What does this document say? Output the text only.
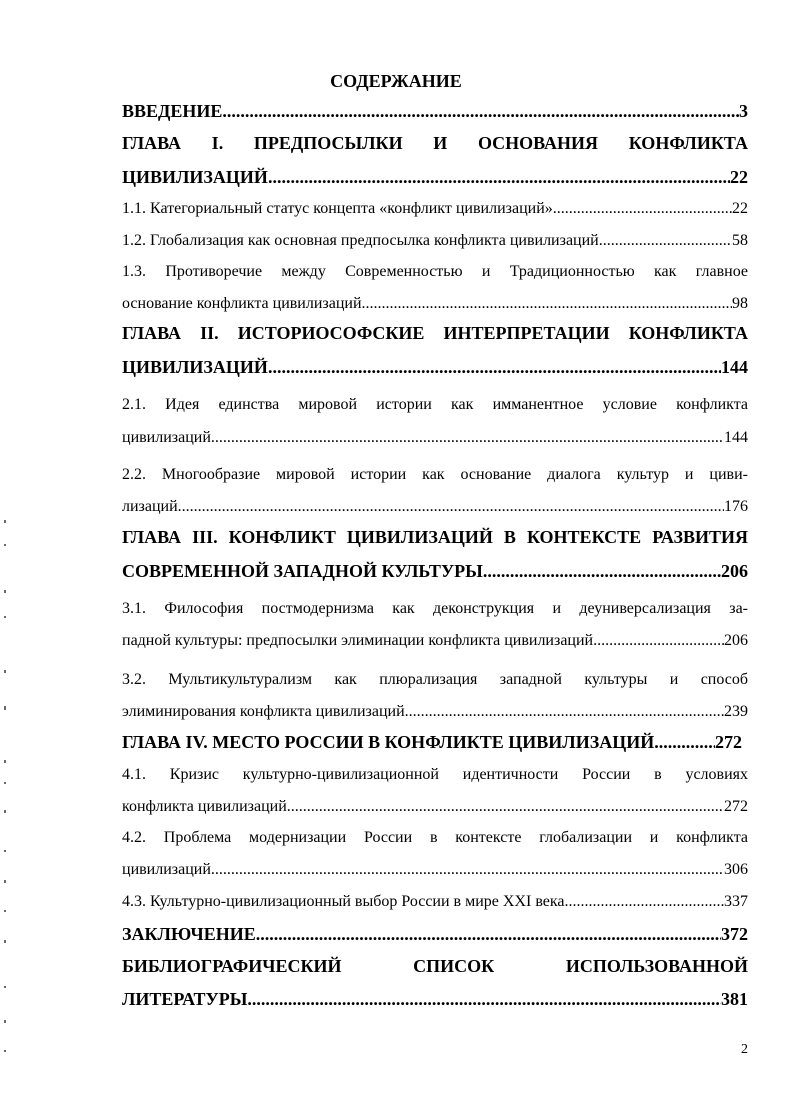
СОДЕРЖАНИЕ
ВВЕДЕНИЕ .....	3
ГЛАВА I. ПРЕДПОСЫЛКИ И ОСНОВАНИЯ КОНФЛИКТА
ЦИВИЛИЗАЦИЙ .....	22
1.1. Категориальный статус концепта «конфликт цивилизаций» .....	22
1.2. Глобализация как основная предпосылка конфликта цивилизаций .....	58
1.3. Противоречие между Современностью и Традиционностью как главное
основание конфликта цивилизаций .....	98
ГЛАВА II. ИСТОРИОСОФСКИЕ ИНТЕРПРЕТАЦИИ КОНФЛИКТА
ЦИВИЛИЗАЦИЙ .....	144
2.1. Идея единства мировой истории как имманентное условие конфликта
цивилизаций .....	144
2.2. Многообразие мировой истории как основание диалога культур и циви-
лизаций .....	176
ГЛАВА III. КОНФЛИКТ ЦИВИЛИЗАЦИЙ В КОНТЕКСТЕ РАЗВИТИЯ
СОВРЕМЕННОЙ ЗАПАДНОЙ КУЛЬТУРЫ .....	206
3.1. Философия постмодернизма как деконструкция и деуниверсализация за-
падной культуры: предпосылки элиминации конфликта цивилизаций .....	206
3.2. Мультикультурализм как плюрализация западной культуры и способ
элиминирования конфликта цивилизаций .....	239
ГЛАВА IV. МЕСТО РОССИИ В КОНФЛИКТЕ ЦИВИЛИЗАЦИЙ .....	272
4.1. Кризис культурно-цивилизационной идентичности России в условиях
конфликта цивилизаций .....	272
4.2. Проблема модернизации России в контексте глобализации и конфликта
цивилизаций .....	306
4.3. Культурно-цивилизационный выбор России в мире XXI века .....	337
ЗАКЛЮЧЕНИЕ .....	372
БИБЛИОГРАФИЧЕСКИЙ СПИСОК ИСПОЛЬЗОВАННОЙ
ЛИТЕРАТУРЫ .....	381
2
